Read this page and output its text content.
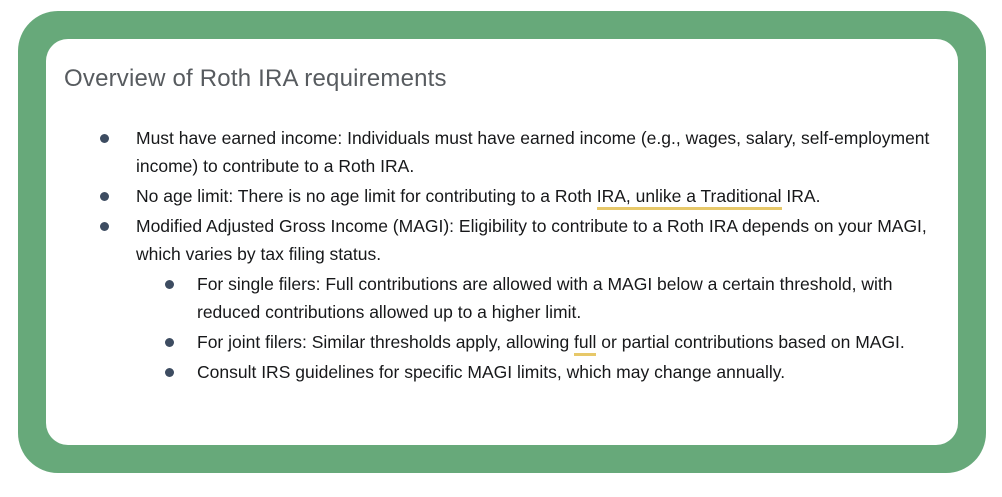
Overview of Roth IRA requirements
Must have earned income: Individuals must have earned income (e.g., wages, salary, self-employment income) to contribute to a Roth IRA.
No age limit: There is no age limit for contributing to a Roth IRA, unlike a Traditional IRA.
Modified Adjusted Gross Income (MAGI): Eligibility to contribute to a Roth IRA depends on your MAGI, which varies by tax filing status.
For single filers: Full contributions are allowed with a MAGI below a certain threshold, with reduced contributions allowed up to a higher limit.
For joint filers: Similar thresholds apply, allowing full or partial contributions based on MAGI.
Consult IRS guidelines for specific MAGI limits, which may change annually.
